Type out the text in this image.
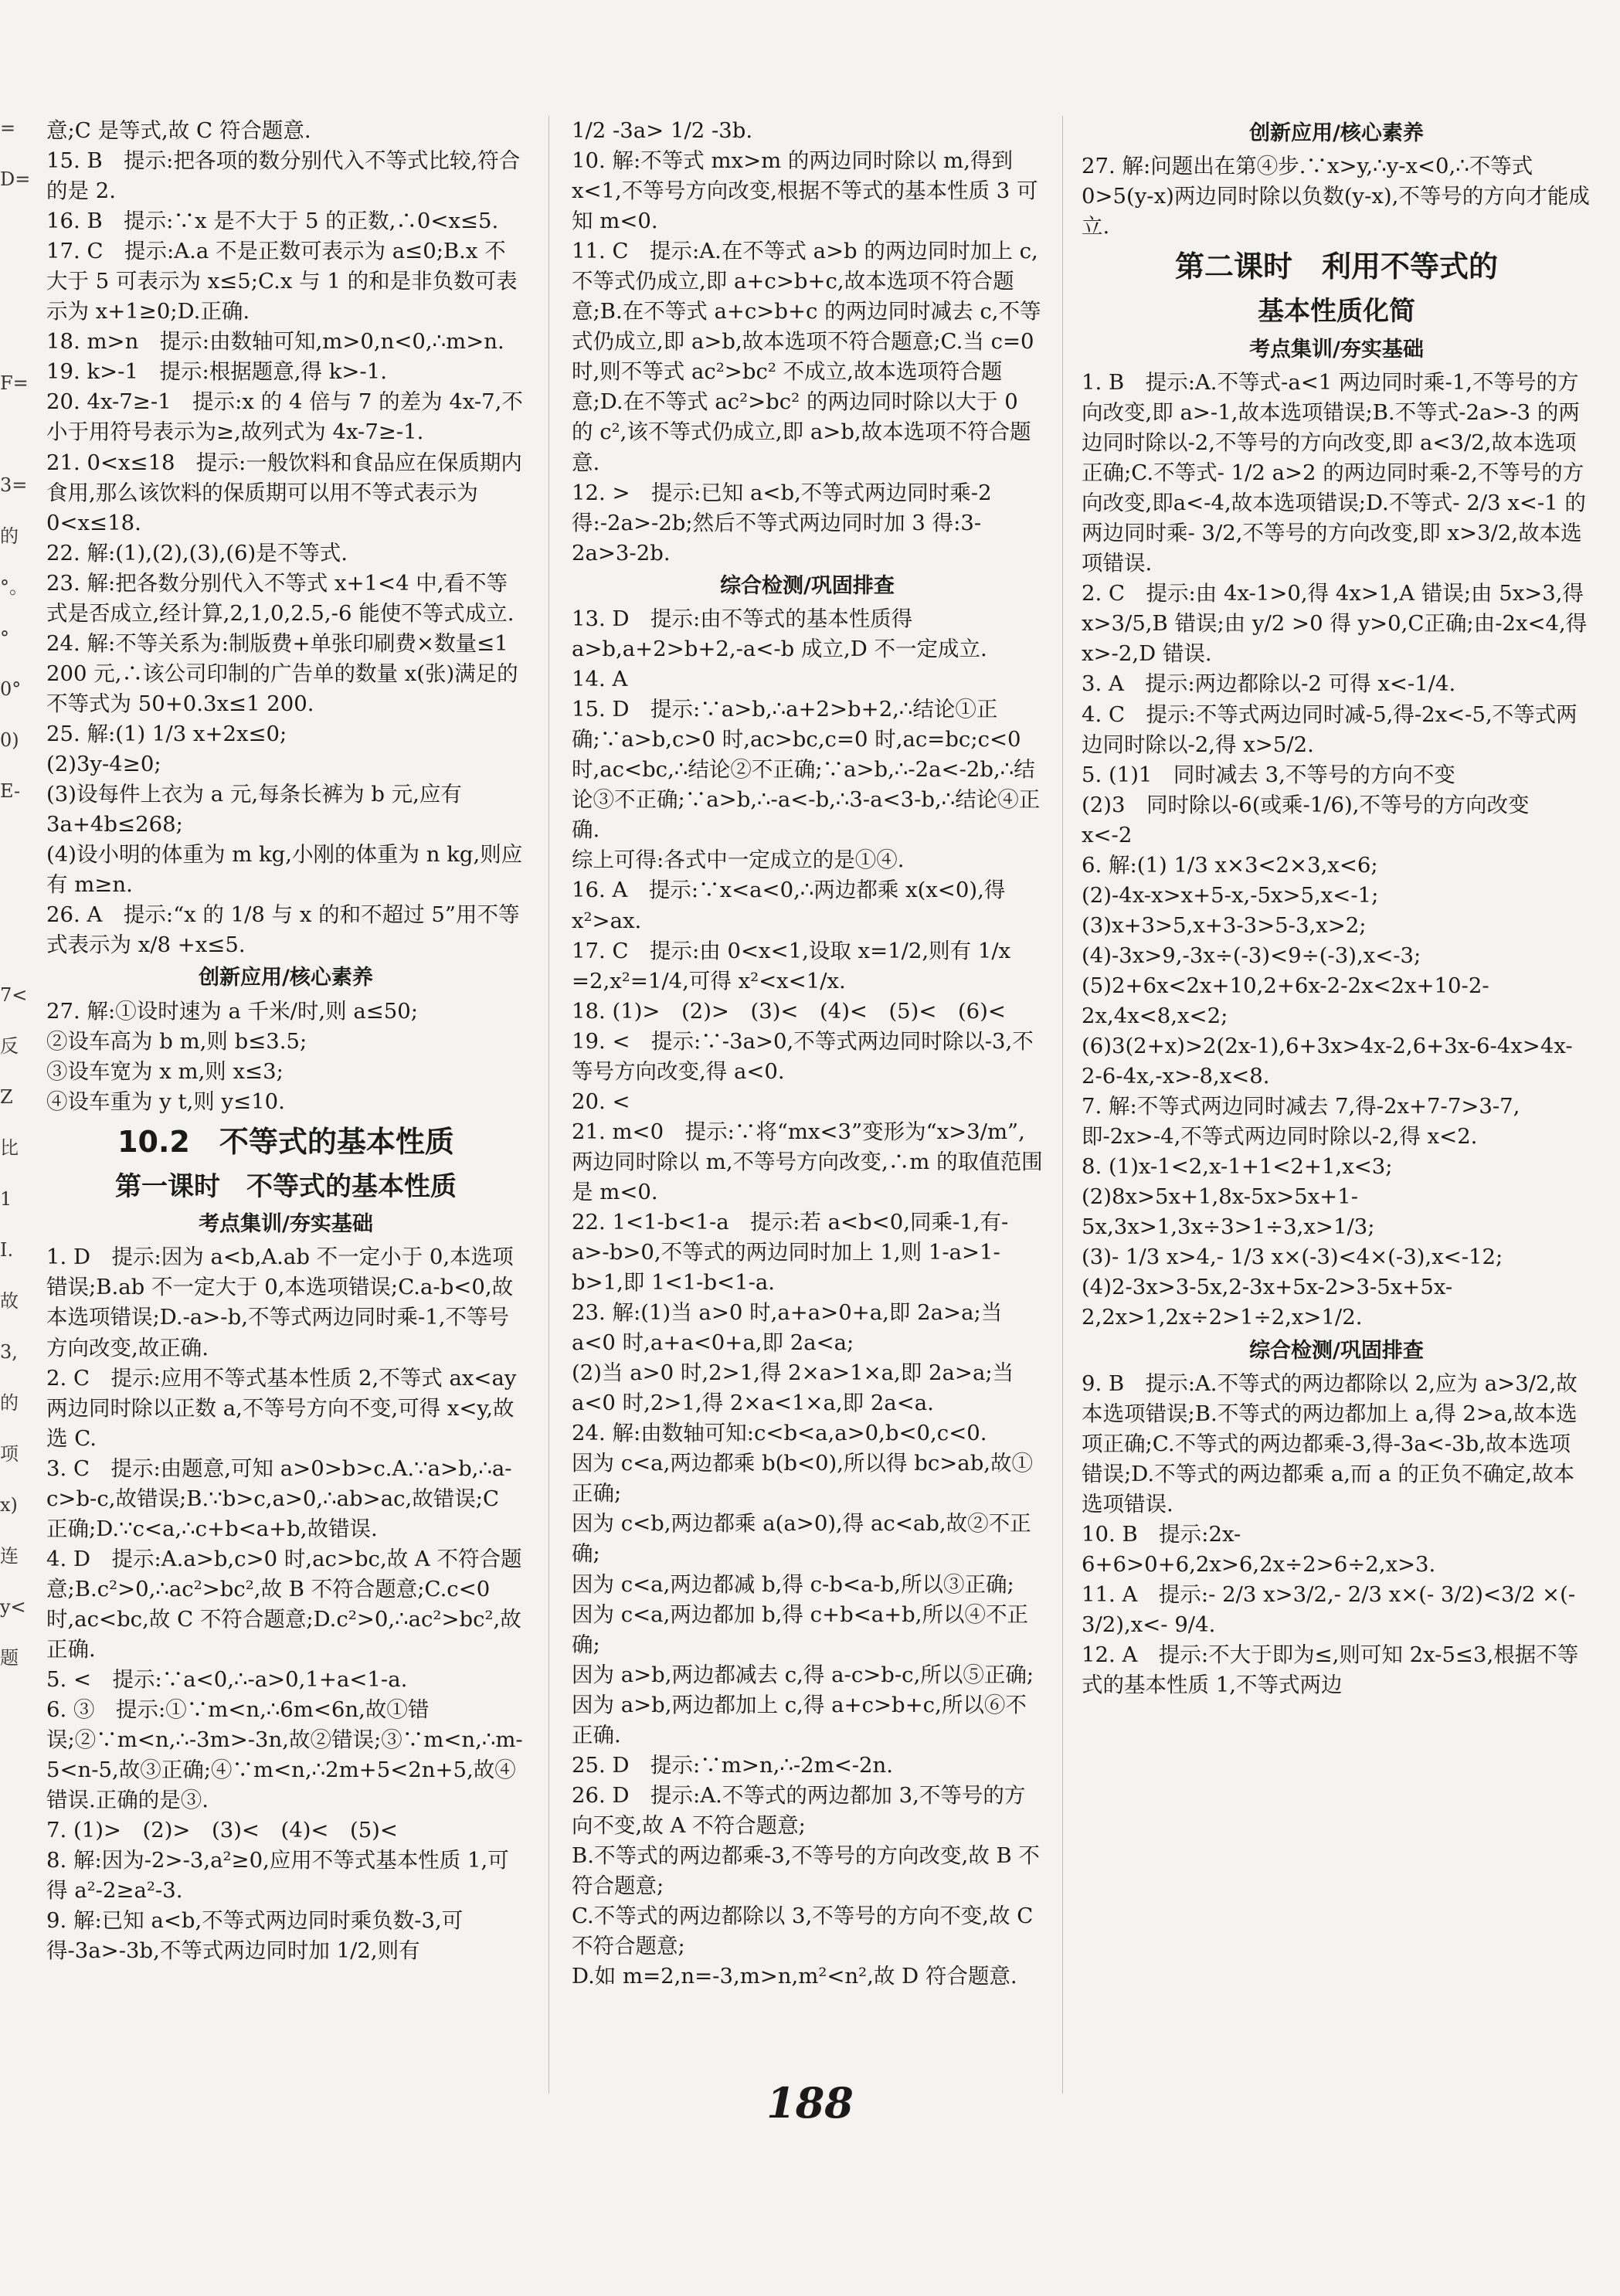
=
D=
F=
3=
的
°。
°
0°
0)
E-
7<
反
Z
比
1
I.
故
3,
的
项
x)
连
y<
题
意;C 是等式,故 C 符合题意.
15. B　提示:把各项的数分别代入不等式比较,符合的是 2.
16. B　提示:∵x 是不大于 5 的正数,∴0<x≤5.
17. C　提示:A.a 不是正数可表示为 a≤0;B.x 不大于 5 可表示为 x≤5;C.x 与 1 的和是非负数可表示为 x+1≥0;D.正确.
18. m>n　提示:由数轴可知,m>0,n<0,∴m>n.
19. k>-1　提示:根据题意,得 k>-1.
20. 4x-7≥-1　提示:x 的 4 倍与 7 的差为 4x-7,不小于用符号表示为≥,故列式为 4x-7≥-1.
21. 0<x≤18　提示:一般饮料和食品应在保质期内食用,那么该饮料的保质期可以用不等式表示为 0<x≤18.
22. 解:(1),(2),(3),(6)是不等式.
23. 解:把各数分别代入不等式 x+1<4 中,看不等式是否成立,经计算,2,1,0,2.5,-6 能使不等式成立.
24. 解:不等关系为:制版费+单张印刷费×数量≤1 200 元,∴该公司印制的广告单的数量 x(张)满足的不等式为 50+0.3x≤1 200.
25. 解:(1) 1/3 x+2x≤0;
(2)3y-4≥0;
(3)设每件上衣为 a 元,每条长裤为 b 元,应有 3a+4b≤268;
(4)设小明的体重为 m kg,小刚的体重为 n kg,则应有 m≥n.
26. A　提示:“x 的 1/8 与 x 的和不超过 5”用不等式表示为 x/8 +x≤5.
创新应用/核心素养
27. 解:①设时速为 a 千米/时,则 a≤50;
②设车高为 b m,则 b≤3.5;
③设车宽为 x m,则 x≤3;
④设车重为 y t,则 y≤10.
10.2　不等式的基本性质
第一课时　不等式的基本性质
考点集训/夯实基础
1. D　提示:因为 a<b,A.ab 不一定小于 0,本选项错误;B.ab 不一定大于 0,本选项错误;C.a-b<0,故本选项错误;D.-a>-b,不等式两边同时乘-1,不等号方向改变,故正确.
2. C　提示:应用不等式基本性质 2,不等式 ax<ay 两边同时除以正数 a,不等号方向不变,可得 x<y,故选 C.
3. C　提示:由题意,可知 a>0>b>c.A.∵a>b,∴a-c>b-c,故错误;B.∵b>c,a>0,∴ab>ac,故错误;C 正确;D.∵c<a,∴c+b<a+b,故错误.
4. D　提示:A.a>b,c>0 时,ac>bc,故 A 不符合题意;B.c²>0,∴ac²>bc²,故 B 不符合题意;C.c<0 时,ac<bc,故 C 不符合题意;D.c²>0,∴ac²>bc²,故正确.
5. <　提示:∵a<0,∴-a>0,1+a<1-a.
6. ③　提示:①∵m<n,∴6m<6n,故①错误;②∵m<n,∴-3m>-3n,故②错误;③∵m<n,∴m-5<n-5,故③正确;④∵m<n,∴2m+5<2n+5,故④错误.正确的是③.
7. (1)>　(2)>　(3)<　(4)<　(5)<
8. 解:因为-2>-3,a²≥0,应用不等式基本性质 1,可得 a²-2≥a²-3.
9. 解:已知 a<b,不等式两边同时乘负数-3,可得-3a>-3b,不等式两边同时加 1/2,则有
1/2 -3a> 1/2 -3b.
10. 解:不等式 mx>m 的两边同时除以 m,得到 x<1,不等号方向改变,根据不等式的基本性质 3 可知 m<0.
11. C　提示:A.在不等式 a>b 的两边同时加上 c,不等式仍成立,即 a+c>b+c,故本选项不符合题意;B.在不等式 a+c>b+c 的两边同时减去 c,不等式仍成立,即 a>b,故本选项不符合题意;C.当 c=0 时,则不等式 ac²>bc² 不成立,故本选项符合题意;D.在不等式 ac²>bc² 的两边同时除以大于 0 的 c²,该不等式仍成立,即 a>b,故本选项不符合题意.
12. >　提示:已知 a<b,不等式两边同时乘-2 得:-2a>-2b;然后不等式两边同时加 3 得:3-2a>3-2b.
综合检测/巩固排查
13. D　提示:由不等式的基本性质得 a>b,a+2>b+2,-a<-b 成立,D 不一定成立.
14. A
15. D　提示:∵a>b,∴a+2>b+2,∴结论①正确;∵a>b,c>0 时,ac>bc,c=0 时,ac=bc;c<0 时,ac<bc,∴结论②不正确;∵a>b,∴-2a<-2b,∴结论③不正确;∵a>b,∴-a<-b,∴3-a<3-b,∴结论④正确.
综上可得:各式中一定成立的是①④.
16. A　提示:∵x<a<0,∴两边都乘 x(x<0),得 x²>ax.
17. C　提示:由 0<x<1,设取 x=1/2,则有 1/x =2,x²=1/4,可得 x²<x<1/x.
18. (1)>　(2)>　(3)<　(4)<　(5)<　(6)<
19. <　提示:∵-3a>0,不等式两边同时除以-3,不等号方向改变,得 a<0.
20. <
21. m<0　提示:∵将“mx<3”变形为“x>3/m”,两边同时除以 m,不等号方向改变,∴m 的取值范围是 m<0.
22. 1<1-b<1-a　提示:若 a<b<0,同乘-1,有-a>-b>0,不等式的两边同时加上 1,则 1-a>1-b>1,即 1<1-b<1-a.
23. 解:(1)当 a>0 时,a+a>0+a,即 2a>a;当 a<0 时,a+a<0+a,即 2a<a;
(2)当 a>0 时,2>1,得 2×a>1×a,即 2a>a;当 a<0 时,2>1,得 2×a<1×a,即 2a<a.
24. 解:由数轴可知:c<b<a,a>0,b<0,c<0.
因为 c<a,两边都乘 b(b<0),所以得 bc>ab,故①正确;
因为 c<b,两边都乘 a(a>0),得 ac<ab,故②不正确;
因为 c<a,两边都减 b,得 c-b<a-b,所以③正确;
因为 c<a,两边都加 b,得 c+b<a+b,所以④不正确;
因为 a>b,两边都减去 c,得 a-c>b-c,所以⑤正确;
因为 a>b,两边都加上 c,得 a+c>b+c,所以⑥不正确.
25. D　提示:∵m>n,∴-2m<-2n.
26. D　提示:A.不等式的两边都加 3,不等号的方向不变,故 A 不符合题意;
B.不等式的两边都乘-3,不等号的方向改变,故 B 不符合题意;
C.不等式的两边都除以 3,不等号的方向不变,故 C 不符合题意;
D.如 m=2,n=-3,m>n,m²<n²,故 D 符合题意.
创新应用/核心素养
27. 解:问题出在第④步.∵x>y,∴y-x<0,∴不等式 0>5(y-x)两边同时除以负数(y-x),不等号的方向才能成立.
第二课时　利用不等式的
基本性质化简
考点集训/夯实基础
1. B　提示:A.不等式-a<1 两边同时乘-1,不等号的方向改变,即 a>-1,故本选项错误;B.不等式-2a>-3 的两边同时除以-2,不等号的方向改变,即 a<3/2,故本选项正确;C.不等式- 1/2 a>2 的两边同时乘-2,不等号的方向改变,即a<-4,故本选项错误;D.不等式- 2/3 x<-1 的两边同时乘- 3/2,不等号的方向改变,即 x>3/2,故本选项错误.
2. C　提示:由 4x-1>0,得 4x>1,A 错误;由 5x>3,得 x>3/5,B 错误;由 y/2 >0 得 y>0,C正确;由-2x<4,得 x>-2,D 错误.
3. A　提示:两边都除以-2 可得 x<-1/4.
4. C　提示:不等式两边同时减-5,得-2x<-5,不等式两边同时除以-2,得 x>5/2.
5. (1)1　同时减去 3,不等号的方向不变
(2)3　同时除以-6(或乘-1/6),不等号的方向改变　x<-2
6. 解:(1) 1/3 x×3<2×3,x<6;
(2)-4x-x>x+5-x,-5x>5,x<-1;
(3)x+3>5,x+3-3>5-3,x>2;
(4)-3x>9,-3x÷(-3)<9÷(-3),x<-3;
(5)2+6x<2x+10,2+6x-2-2x<2x+10-2-2x,4x<8,x<2;
(6)3(2+x)>2(2x-1),6+3x>4x-2,6+3x-6-4x>4x-2-6-4x,-x>-8,x<8.
7. 解:不等式两边同时减去 7,得-2x+7-7>3-7,即-2x>-4,不等式两边同时除以-2,得 x<2.
8. (1)x-1<2,x-1+1<2+1,x<3;
(2)8x>5x+1,8x-5x>5x+1-5x,3x>1,3x÷3>1÷3,x>1/3;
(3)- 1/3 x>4,- 1/3 x×(-3)<4×(-3),x<-12;
(4)2-3x>3-5x,2-3x+5x-2>3-5x+5x-2,2x>1,2x÷2>1÷2,x>1/2.
综合检测/巩固排查
9. B　提示:A.不等式的两边都除以 2,应为 a>3/2,故本选项错误;B.不等式的两边都加上 a,得 2>a,故本选项正确;C.不等式的两边都乘-3,得-3a<-3b,故本选项错误;D.不等式的两边都乘 a,而 a 的正负不确定,故本选项错误.
10. B　提示:2x-6+6>0+6,2x>6,2x÷2>6÷2,x>3.
11. A　提示:- 2/3 x>3/2,- 2/3 x×(- 3/2)<3/2 ×(- 3/2),x<- 9/4.
12. A　提示:不大于即为≤,则可知 2x-5≤3,根据不等式的基本性质 1,不等式两边
188
